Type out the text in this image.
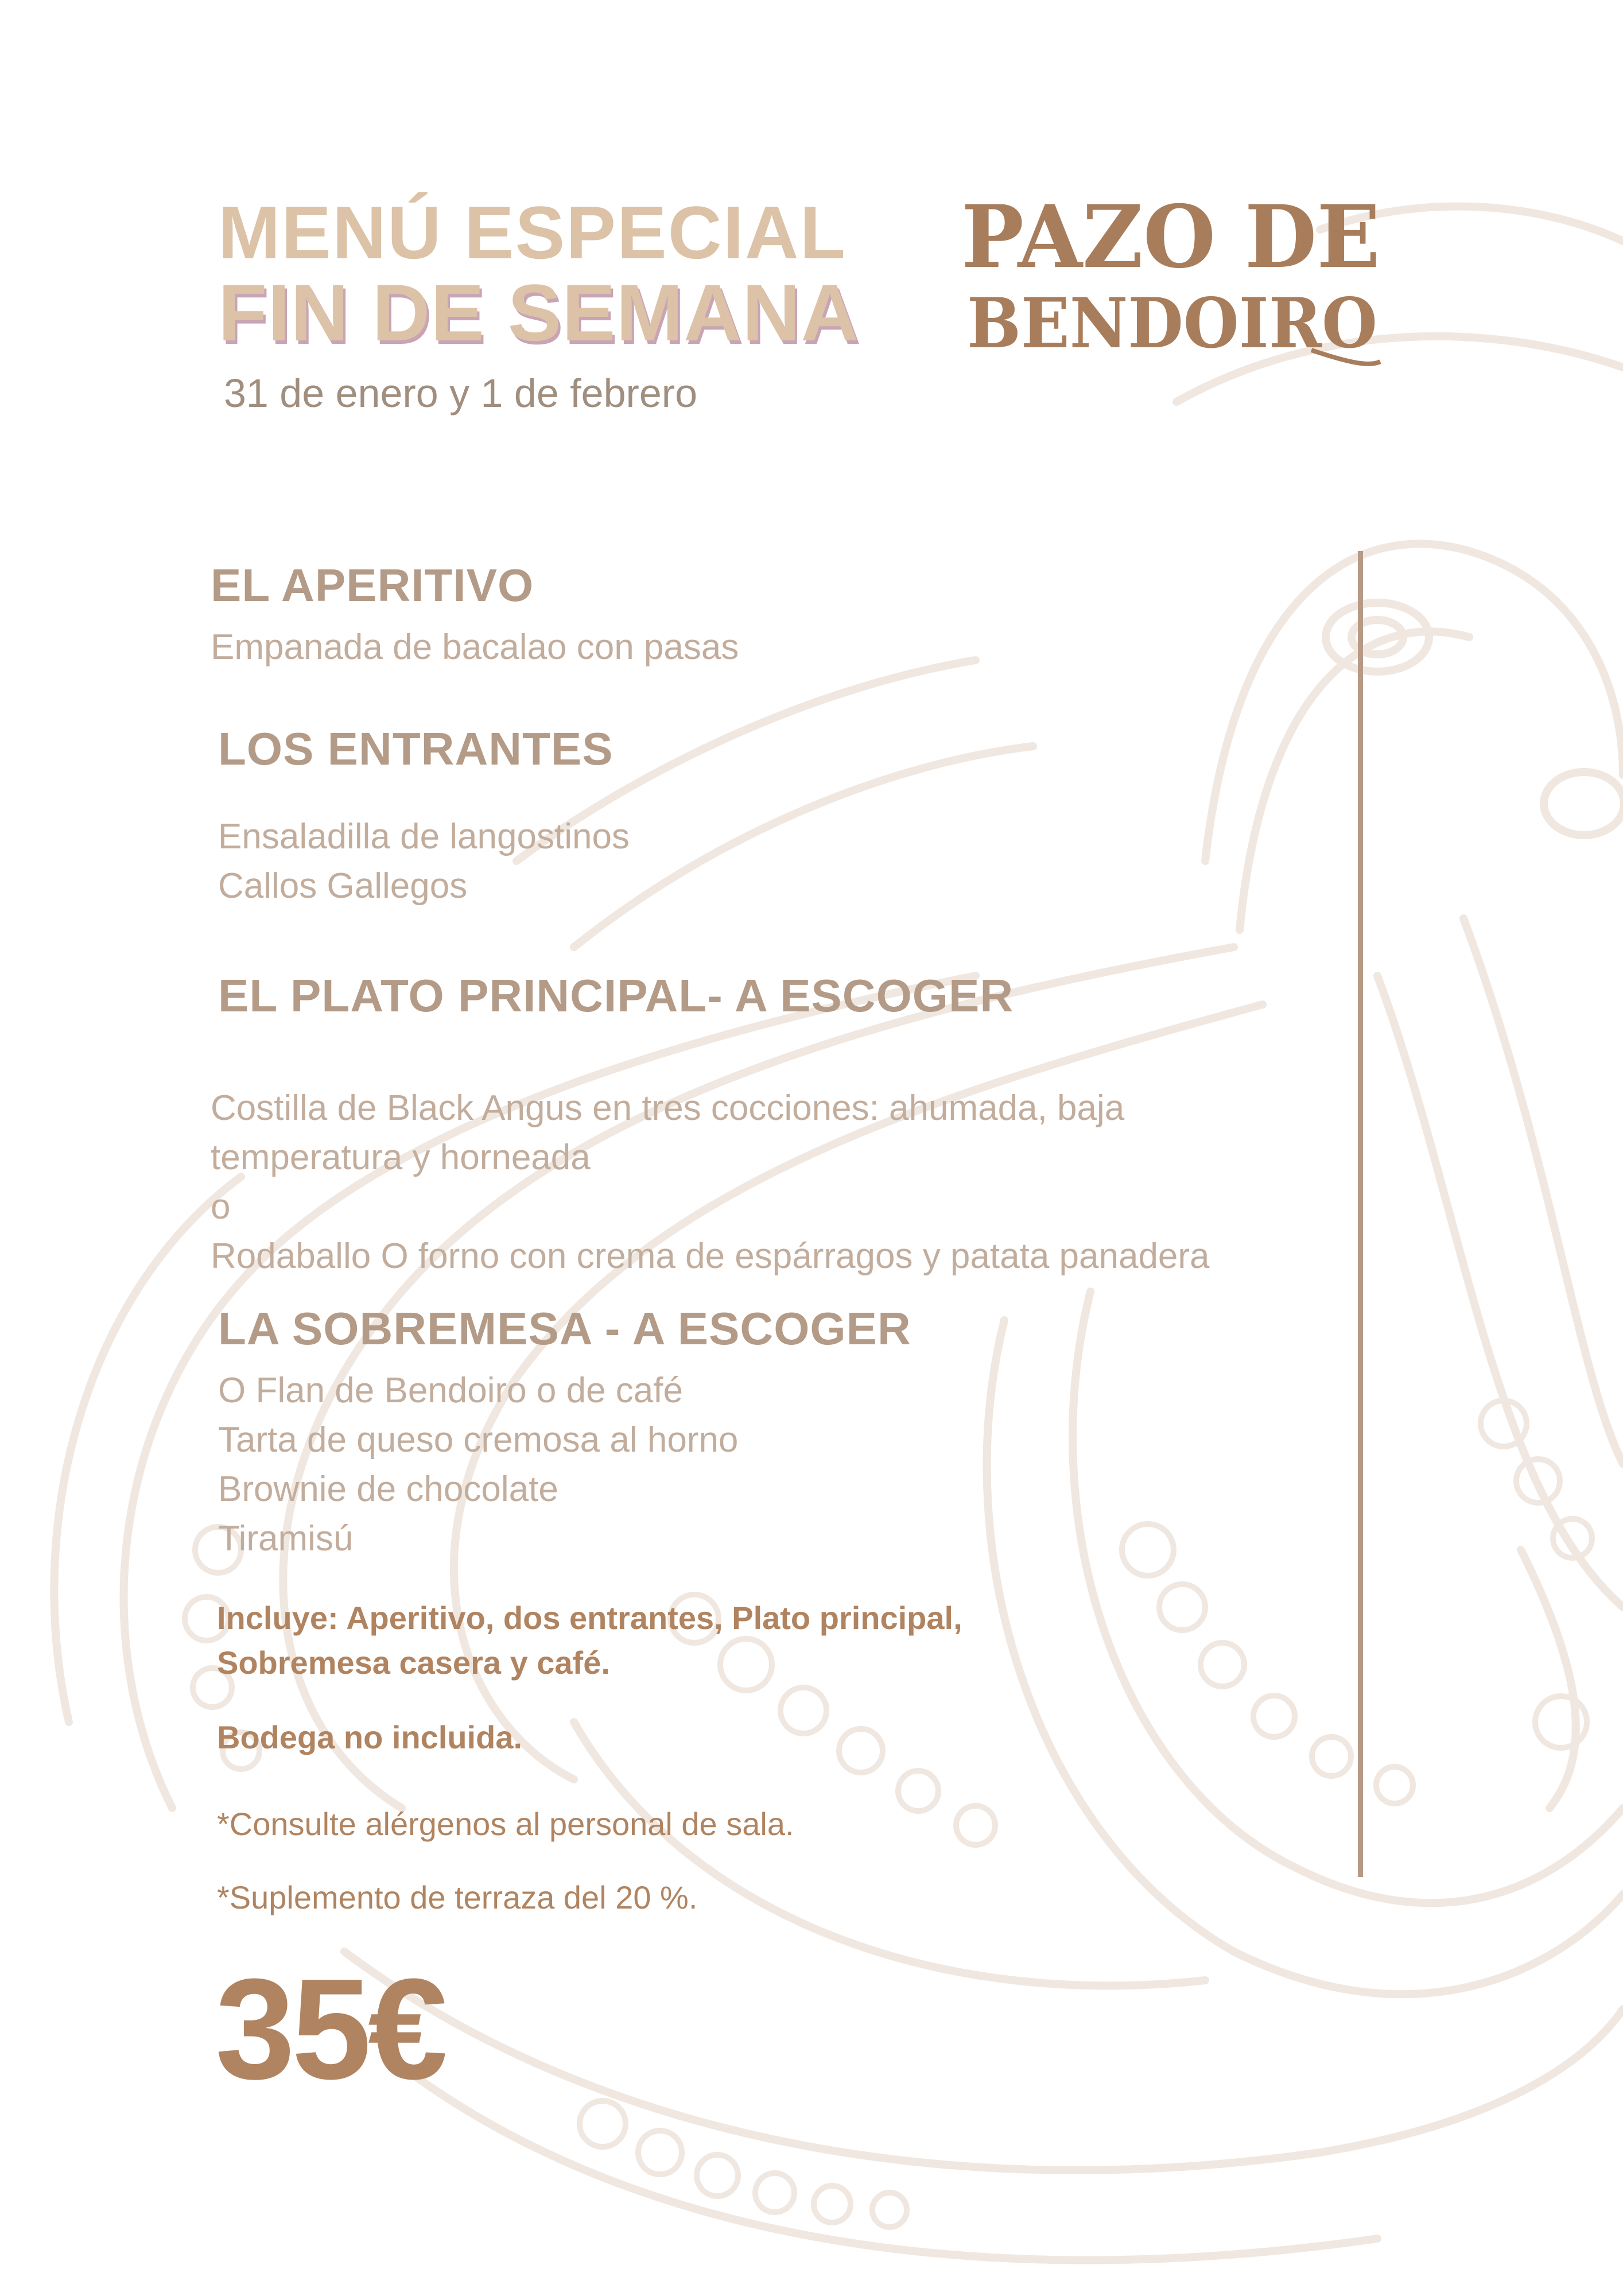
MENÚ ESPECIAL
FIN DE SEMANA

31 de enero y 1 de febrero

PAZO DE
BENDOIRO
EL APERITIVO
Empanada de bacalao con pasas
LOS ENTRANTES
Ensaladilla de langostinos
Callos Gallegos
EL PLATO PRINCIPAL- A ESCOGER
Costilla de Black Angus en tres cocciones: ahumada, baja
temperatura y horneada
o
Rodaballo O forno con crema de espárragos y patata panadera
LA SOBREMESA - A ESCOGER
O Flan de Bendoiro o de café
Tarta de queso cremosa al horno
Brownie de chocolate
Tiramisú
Incluye: Aperitivo, dos entrantes, Plato principal,
Sobremesa casera y café.
Bodega no incluida.
*Consulte alérgenos al personal de sala.
*Suplemento de terraza del 20 %.
35€
